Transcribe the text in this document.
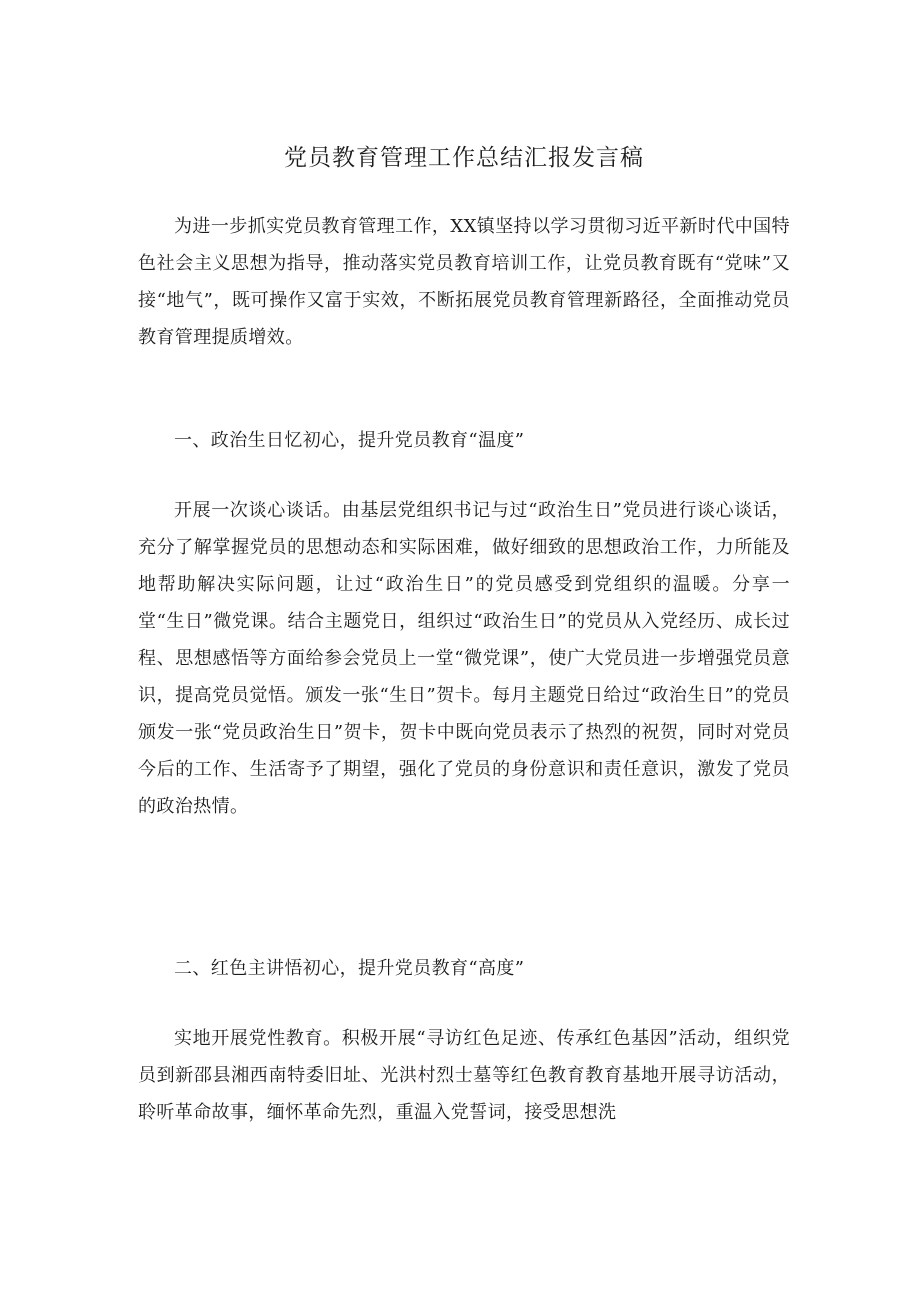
党员教育管理工作总结汇报发言稿

为进一步抓实党员教育管理工作，XX镇坚持以学习贯彻习近平新时代中国特色社会主义思想为指导，推动落实党员教育培训工作，让党员教育既有“党味”又接“地气”，既可操作又富于实效，不断拓展党员教育管理新路径，全面推动党员教育管理提质增效。

一、政治生日忆初心，提升党员教育“温度”

开展一次谈心谈话。由基层党组织书记与过“政治生日”党员进行谈心谈话，充分了解掌握党员的思想动态和实际困难，做好细致的思想政治工作，力所能及地帮助解决实际问题，让过“政治生日”的党员感受到党组织的温暖。分享一堂“生日”微党课。结合主题党日，组织过“政治生日”的党员从入党经历、成长过程、思想感悟等方面给参会党员上一堂“微党课”，使广大党员进一步增强党员意识，提高党员觉悟。颁发一张“生日”贺卡。每月主题党日给过“政治生日”的党员颁发一张“党员政治生日”贺卡，贺卡中既向党员表示了热烈的祝贺，同时对党员今后的工作、生活寄予了期望，强化了党员的身份意识和责任意识，激发了党员的政治热情。

二、红色主讲悟初心，提升党员教育“高度”

实地开展党性教育。积极开展“寻访红色足迹、传承红色基因”活动，组织党员到新邵县湘西南特委旧址、光洪村烈士墓等红色教育教育基地开展寻访活动，聆听革命故事，缅怀革命先烈，重温入党誓词，接受思想洗
